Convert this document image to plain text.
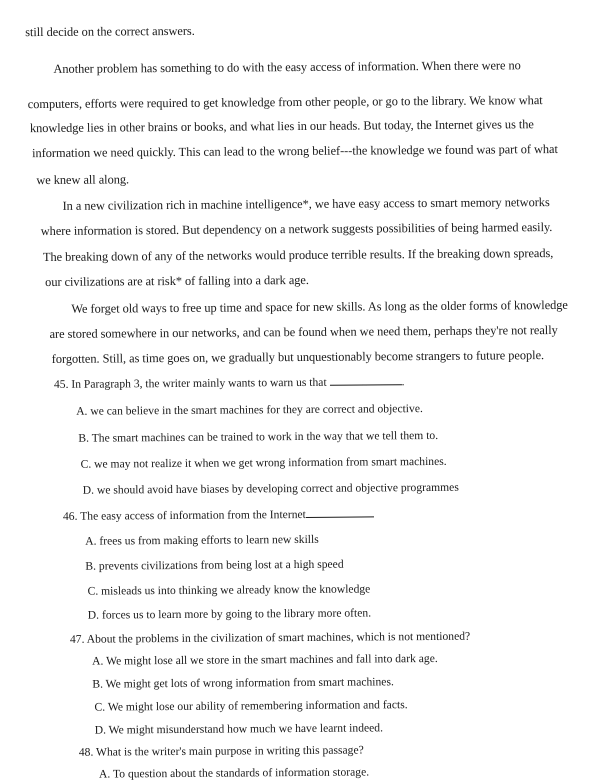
still decide on the correct answers.
Another problem has something to do with the easy access of information. When there were no
computers, efforts were required to get knowledge from other people, or go to the library. We know what
knowledge lies in other brains or books, and what lies in our heads. But today, the Internet gives us the
information we need quickly. This can lead to the wrong belief---the knowledge we found was part of what
we knew all along.
In a new civilization rich in machine intelligence*, we have easy access to smart memory networks
where information is stored. But dependency on a network suggests possibilities of being harmed easily.
The breaking down of any of the networks would produce terrible results. If the breaking down spreads,
our civilizations are at risk* of falling into a dark age.
We forget old ways to free up time and space for new skills. As long as the older forms of knowledge
are stored somewhere in our networks, and can be found when we need them, perhaps they're not really
forgotten. Still, as time goes on, we gradually but unquestionably become strangers to future people.
45. In Paragraph 3, the writer mainly wants to warn us that	.
A. we can believe in the smart machines for they are correct and objective.
B. The smart machines can be trained to work in the way that we tell them to.
C. we may not realize it when we get wrong information from smart machines.
D. we should avoid have biases by developing correct and objective programmes
46. The easy access of information from the Internet
A. frees us from making efforts to learn new skills
B. prevents civilizations from being lost at a high speed
C. misleads us into thinking we already know the knowledge
D. forces us to learn more by going to the library more often.
47. About the problems in the civilization of smart machines, which is not mentioned?
A. We might lose all we store in the smart machines and fall into dark age.
B. We might get lots of wrong information from smart machines.
C. We might lose our ability of remembering information and facts.
D. We might misunderstand how much we have learnt indeed.
48. What is the writer's main purpose in writing this passage?
A. To question about the standards of information storage.
